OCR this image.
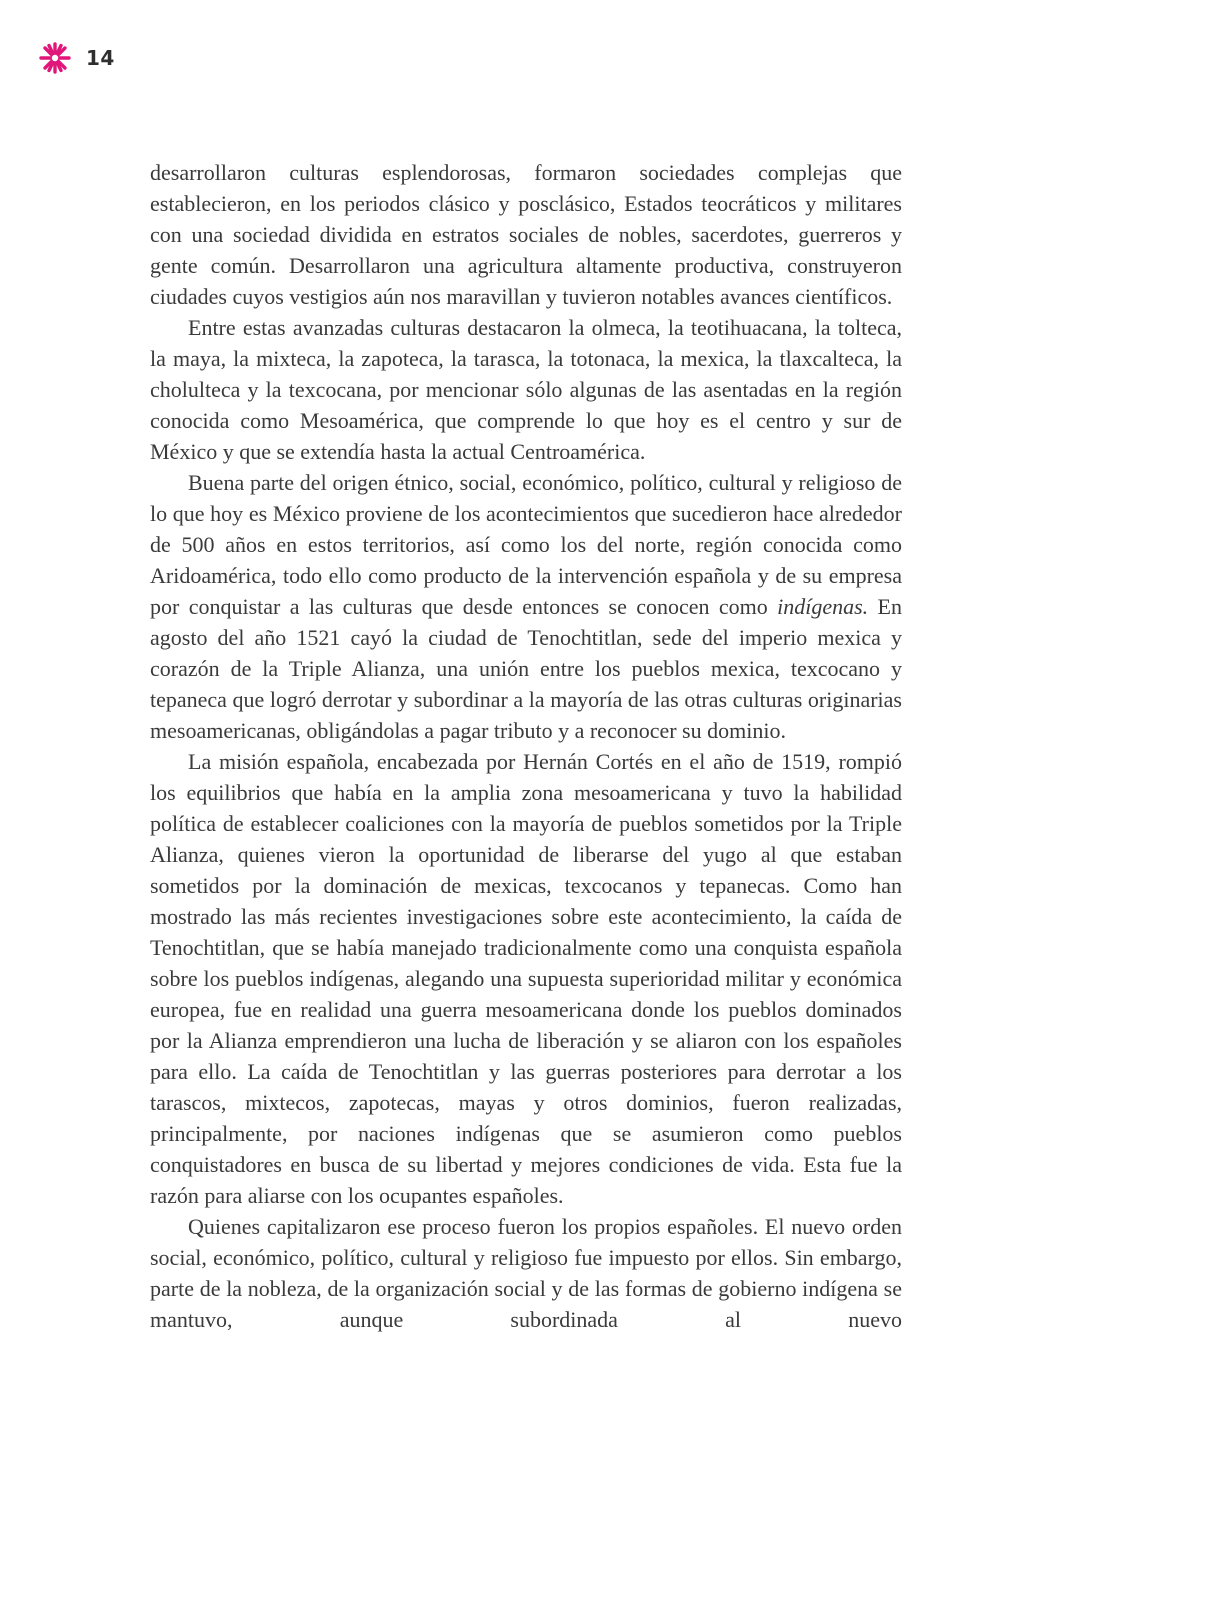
14

desarrollaron culturas esplendorosas, formaron sociedades complejas que establecieron, en los periodos clásico y posclásico, Estados teocráticos y militares con una sociedad dividida en estratos sociales de nobles, sacerdotes, guerreros y gente común. Desarrollaron una agricultura altamente productiva, construyeron ciudades cuyos vestigios aún nos maravillan y tuvieron notables avances científicos.

Entre estas avanzadas culturas destacaron la olmeca, la teotihuacana, la tolteca, la maya, la mixteca, la zapoteca, la tarasca, la totonaca, la mexica, la tlaxcalteca, la cholulteca y la texcocana, por mencionar sólo algunas de las asentadas en la región conocida como Mesoamérica, que comprende lo que hoy es el centro y sur de México y que se extendía hasta la actual Centroamérica.

Buena parte del origen étnico, social, económico, político, cultural y religioso de lo que hoy es México proviene de los acontecimientos que sucedieron hace alrededor de 500 años en estos territorios, así como los del norte, región conocida como Aridoamérica, todo ello como producto de la intervención española y de su empresa por conquistar a las culturas que desde entonces se conocen como indígenas. En agosto del año 1521 cayó la ciudad de Tenochtitlan, sede del imperio mexica y corazón de la Triple Alianza, una unión entre los pueblos mexica, texcocano y tepaneca que logró derrotar y subordinar a la mayoría de las otras culturas originarias mesoamericanas, obligándolas a pagar tributo y a reconocer su dominio.

La misión española, encabezada por Hernán Cortés en el año de 1519, rompió los equilibrios que había en la amplia zona mesoamericana y tuvo la habilidad política de establecer coaliciones con la mayoría de pueblos sometidos por la Triple Alianza, quienes vieron la oportunidad de liberarse del yugo al que estaban sometidos por la dominación de mexicas, texcocanos y tepanecas. Como han mostrado las más recientes investigaciones sobre este acontecimiento, la caída de Tenochtitlan, que se había manejado tradicionalmente como una conquista española sobre los pueblos indígenas, alegando una supuesta superioridad militar y económica europea, fue en realidad una guerra mesoamericana donde los pueblos dominados por la Alianza emprendieron una lucha de liberación y se aliaron con los españoles para ello. La caída de Tenochtitlan y las guerras posteriores para derrotar a los tarascos, mixtecos, zapotecas, mayas y otros dominios, fueron realizadas, principalmente, por naciones indígenas que se asumieron como pueblos conquistadores en busca de su libertad y mejores condiciones de vida. Esta fue la razón para aliarse con los ocupantes españoles.

Quienes capitalizaron ese proceso fueron los propios españoles. El nuevo orden social, económico, político, cultural y religioso fue impuesto por ellos. Sin embargo, parte de la nobleza, de la organización social y de las formas de gobierno indígena se mantuvo, aunque subordinada al nuevo
